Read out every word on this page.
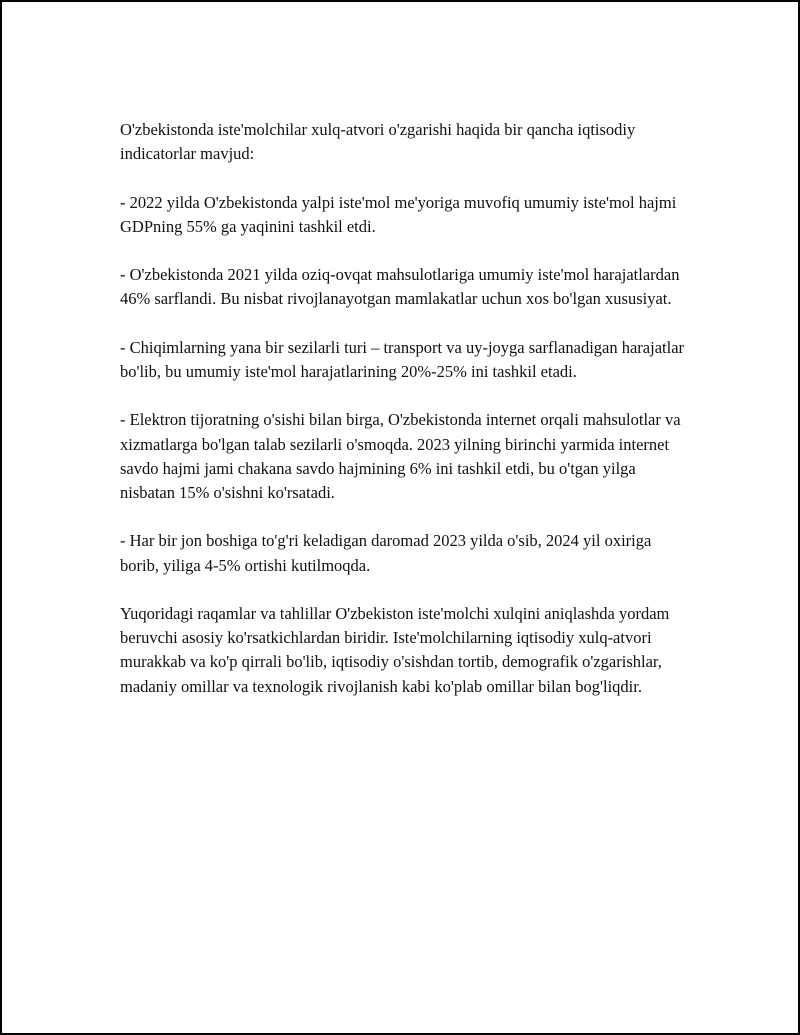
O'zbekistonda iste'molchilar xulq-atvori o'zgarishi haqida bir qancha iqtisodiy indicatorlar mavjud:

- 2022 yilda O'zbekistonda yalpi iste'mol me'yoriga muvofiq umumiy iste'mol hajmi GDPning 55% ga yaqinini tashkil etdi.

- O'zbekistonda 2021 yilda oziq-ovqat mahsulotlariga umumiy iste'mol harajatlardan 46% sarflandi. Bu nisbat rivojlanayotgan mamlakatlar uchun xos bo'lgan xususiyat.

- Chiqimlarning yana bir sezilarli turi – transport va uy-joyga sarflanadigan harajatlar bo'lib, bu umumiy iste'mol harajatlarining 20%-25% ini tashkil etadi.

- Elektron tijoratning o'sishi bilan birga, O'zbekistonda internet orqali mahsulotlar va xizmatlarga bo'lgan talab sezilarli o'smoqda. 2023 yilning birinchi yarmida internet savdo hajmi jami chakana savdo hajmining 6% ini tashkil etdi, bu o'tgan yilga nisbatan 15% o'sishni ko'rsatadi.

- Har bir jon boshiga to'g'ri keladigan daromad 2023 yilda o'sib, 2024 yil oxiriga borib, yiliga 4-5% ortishi kutilmoqda.

Yuqoridagi raqamlar va tahlillar O'zbekiston iste'molchi xulqini aniqlashda yordam beruvchi asosiy ko'rsatkichlardan biridir. Iste'molchilarning iqtisodiy xulq-atvori murakkab va ko'p qirrali bo'lib, iqtisodiy o'sishdan tortib, demografik o'zgarishlar, madaniy omillar va texnologik rivojlanish kabi ko'plab omillar bilan bog'liqdir.
